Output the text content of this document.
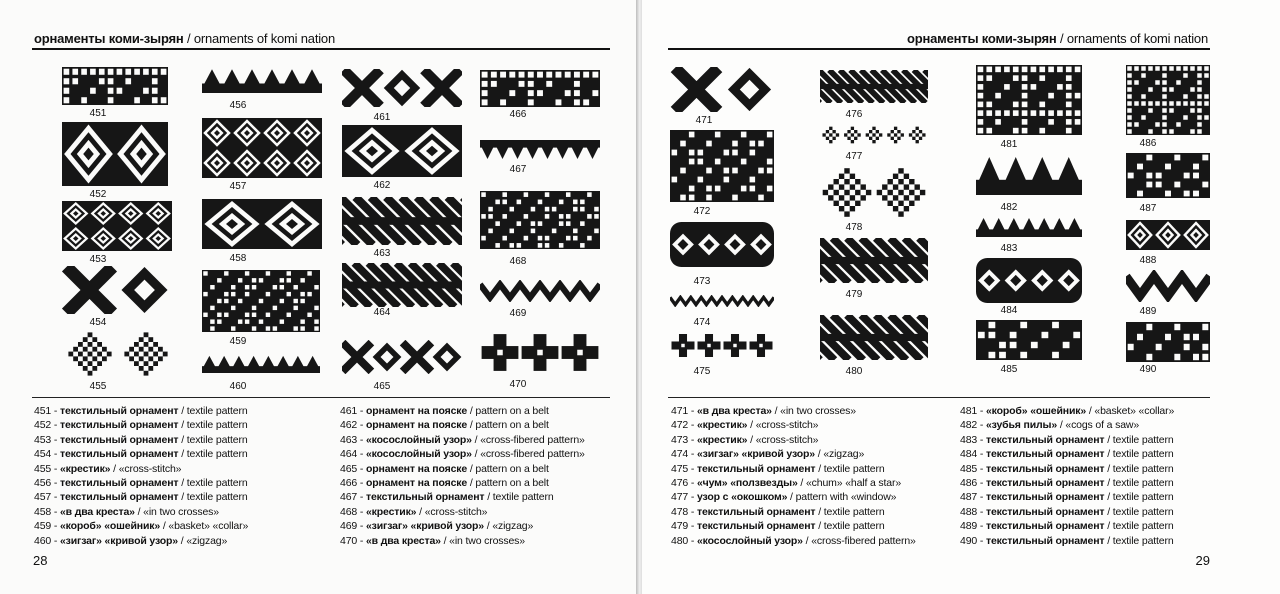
орнаменты коми-зырян / ornaments of komi nation
451
452
453
454
455
456
457
458
459
460
461
462
463
464
465
466
467
468
469
470
451 - текстильный орнамент / textile pattern
452 - текстильный орнамент / textile pattern
453 - текстильный орнамент / textile pattern
454 - текстильный орнамент / textile pattern
455 - «крестик» / «cross-stitch»
456 - текстильный орнамент / textile pattern
457 - текстильный орнамент / textile pattern
458 - «в два креста» / «in two crosses»
459 - «короб» «ошейник» / «basket» «collar»
460 - «зигзаг» «кривой узор» / «zigzag»
461 - орнамент на пояске / pattern on a belt
462 - орнамент на пояске / pattern on a belt
463 - «косослойный узор» / «cross-fibered pattern»
464 - «косослойный узор» / «cross-fibered pattern»
465 - орнамент на пояске / pattern on a belt
466 - орнамент на пояске / pattern on a belt
467 - текстильный орнамент / textile pattern
468 - «крестик» / «cross-stitch»
469 - «зигзаг» «кривой узор» / «zigzag»
470 - «в два креста» / «in two crosses»
28
орнаменты коми-зырян / ornaments of komi nation
471
472
473
474
475
476
477
478
479
480
481
482
483
484
485
486
487
488
489
490
471 - «в два креста» / «in two crosses»
472 - «крестик» / «cross-stitch»
473 - «крестик» / «cross-stitch»
474 - «зигзаг» «кривой узор» / «zigzag»
475 - текстильный орнамент / textile pattern
476 - «чум» «ползвезды» / «chum» «half a star»
477 - узор с «окошком» / pattern with «window»
478 - текстильный орнамент / textile pattern
479 - текстильный орнамент / textile pattern
480 - «косослойный узор» / «cross-fibered pattern»
481 - «короб» «ошейник» / «basket» «collar»
482 - «зубья пилы» / «cogs of a saw»
483 - текстильный орнамент / textile pattern
484 - текстильный орнамент / textile pattern
485 - текстильный орнамент / textile pattern
486 - текстильный орнамент / textile pattern
487 - текстильный орнамент / textile pattern
488 - текстильный орнамент / textile pattern
489 - текстильный орнамент / textile pattern
490 - текстильный орнамент / textile pattern
29
